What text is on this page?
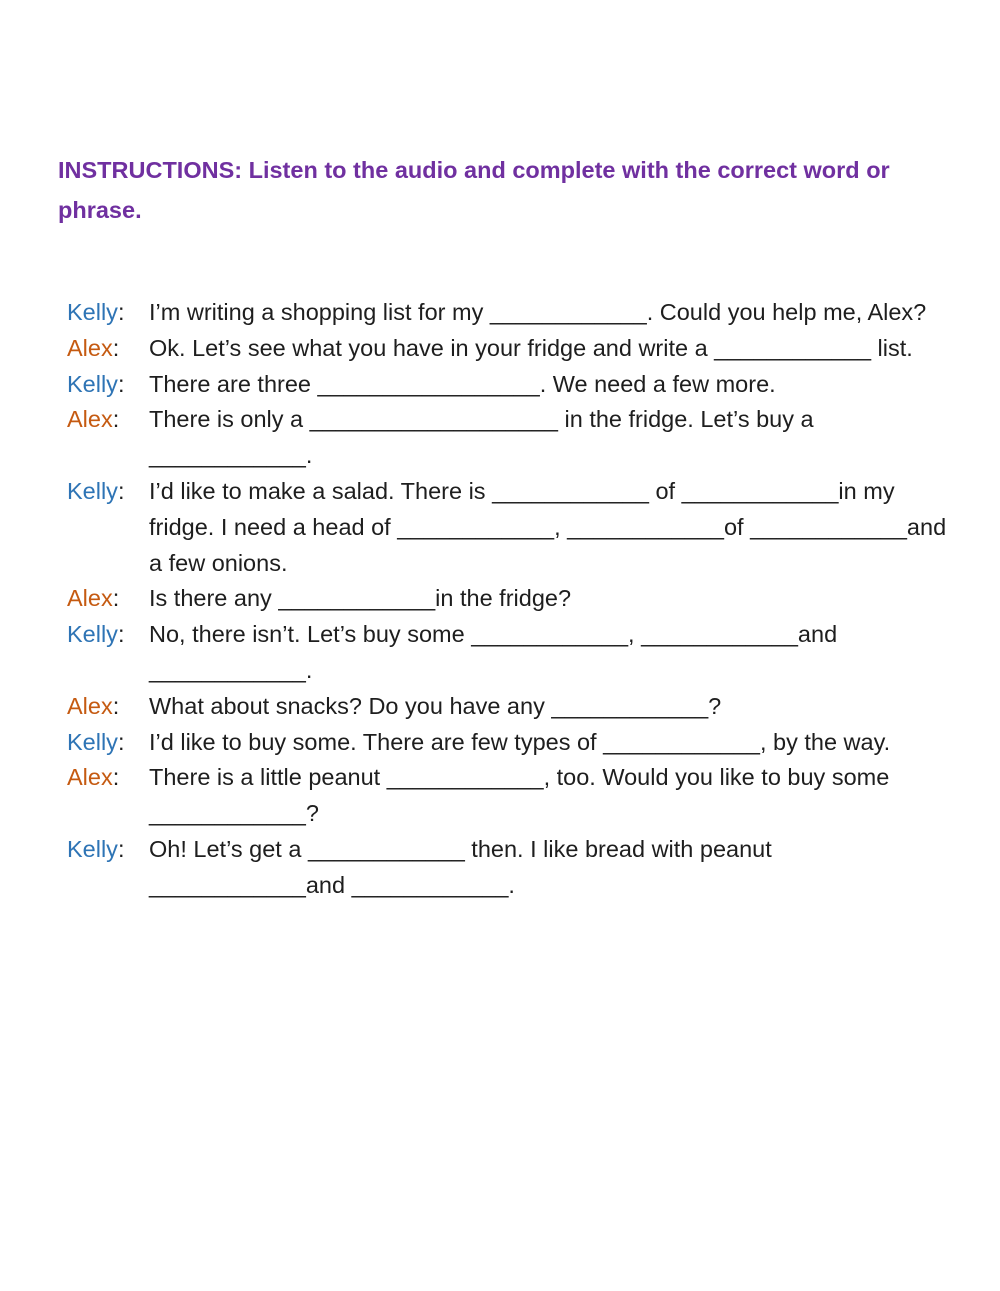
INSTRUCTIONS: Listen to the audio and complete with the correct word or phrase.
Kelly:	I’m writing a shopping list for my ____________. Could you help me, Alex?
Alex:	Ok. Let’s see what you have in your fridge and write a ____________ list.
Kelly:	There are three _________________. We need a few more.
Alex:	There is only a ___________________ in the fridge. Let’s buy a ____________.
Kelly:	I’d like to make a salad. There is ____________ of ____________in my fridge. I need a head of ____________, ____________of ____________and a few onions.
Alex:	Is there any ____________in the fridge?
Kelly:	No, there isn’t. Let’s buy some ____________, ____________and ____________.
Alex:	What about snacks? Do you have any ____________?
Kelly:	I’d like to buy some. There are few types of ____________, by the way.
Alex:	There is a little peanut ____________, too. Would you like to buy some ____________?
Kelly:	Oh! Let’s get a ____________ then. I like bread with peanut ____________and ____________.
